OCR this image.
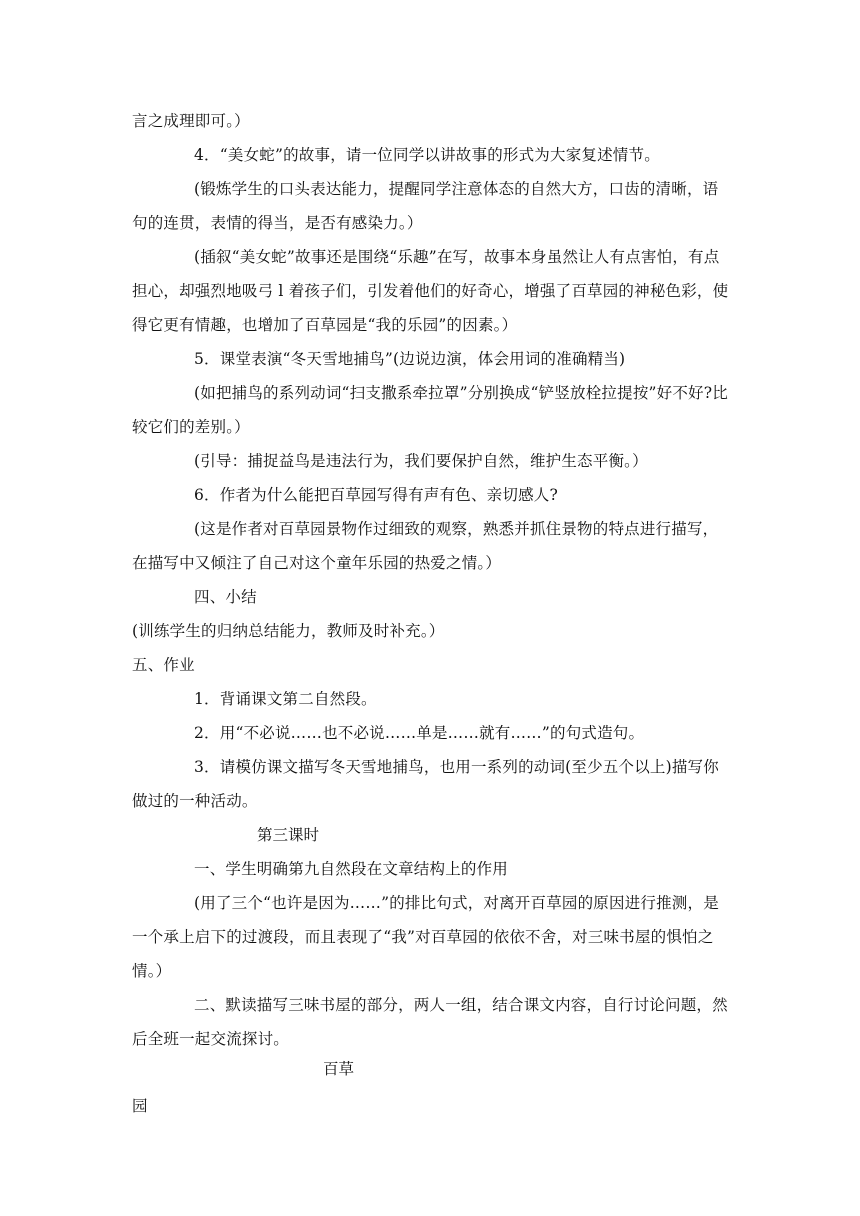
言之成理即可。）

4．“美女蛇”的故事，请一位同学以讲故事的形式为大家复述情节。

(锻炼学生的口头表达能力，提醒同学注意体态的自然大方，口齿的清晰，语句的连贯，表情的得当，是否有感染力。）

(插叙“美女蛇”故事还是围绕“乐趣”在写，故事本身虽然让人有点害怕，有点担心，却强烈地吸弓 l 着孩子们，引发着他们的好奇心，增强了百草园的神秘色彩，使得它更有情趣，也增加了百草园是“我的乐园”的因素。）

5．课堂表演“冬天雪地捕鸟”(边说边演，体会用词的准确精当)

(如把捕鸟的系列动词“扫支撒系牵拉罩”分别换成“铲竖放栓拉提按”好不好?比较它们的差别。）

(引导：捕捉益鸟是违法行为，我们要保护自然，维护生态平衡。）

6．作者为什么能把百草园写得有声有色、亲切感人?

(这是作者对百草园景物作过细致的观察，熟悉并抓住景物的特点进行描写，在描写中又倾注了自己对这个童年乐园的热爱之情。）

四、小结

(训练学生的归纳总结能力，教师及时补充。）

五、作业

1．背诵课文第二自然段。

2．用“不必说……也不必说……单是……就有……”的句式造句。

3．请模仿课文描写冬天雪地捕鸟，也用一系列的动词(至少五个以上)描写你做过的一种活动。

第三课时

一、学生明确第九自然段在文章结构上的作用

(用了三个“也许是因为……”的排比句式，对离开百草园的原因进行推测，是一个承上启下的过渡段，而且表现了“我”对百草园的依依不舍，对三味书屋的惧怕之情。）

二、默读描写三味书屋的部分，两人一组，结合课文内容，自行讨论问题，然后全班一起交流探讨。

百草

园
